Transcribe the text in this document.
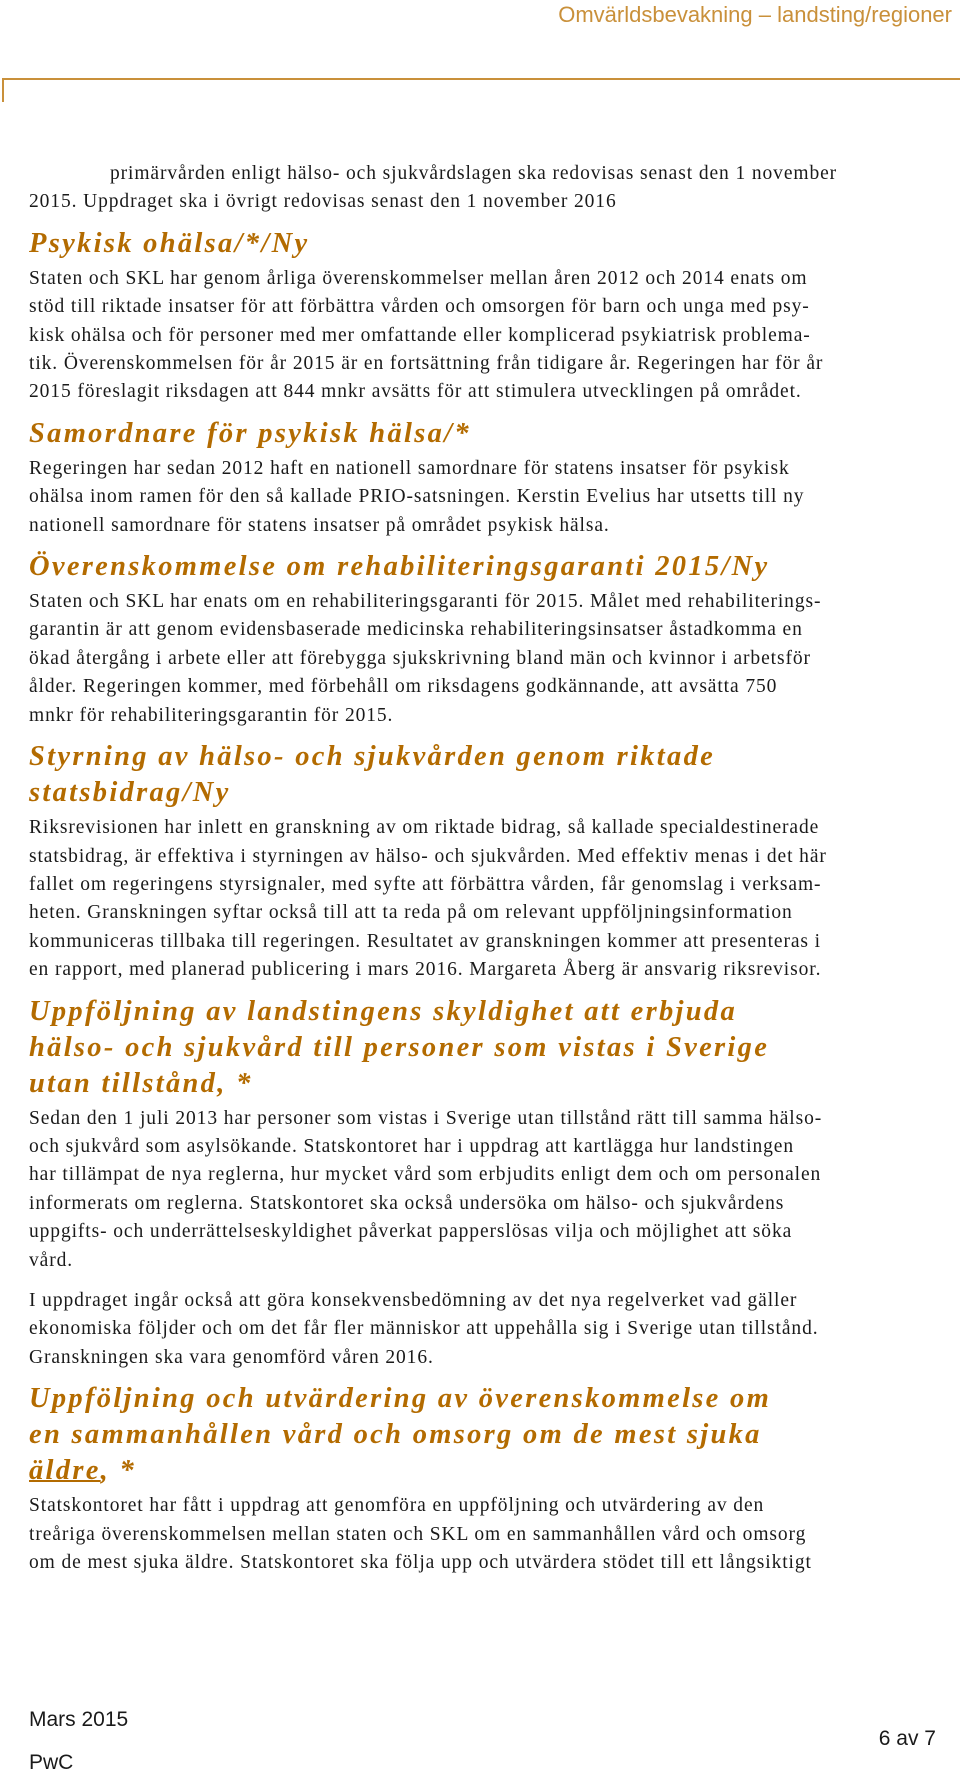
Omvärldsbevakning – landsting/regioner

primärvården enligt hälso- och sjukvårdslagen ska redovisas senast den 1 november

2015. Uppdraget ska i övrigt redovisas senast den 1 november 2016

Psykisk ohälsa/*/Ny

Staten och SKL har genom årliga överenskommelser mellan åren 2012 och 2014 enats om

stöd till riktade insatser för att förbättra vården och omsorgen för barn och unga med psy-

kisk ohälsa och för personer med mer omfattande eller komplicerad psykiatrisk problema-

tik. Överenskommelsen för år 2015 är en fortsättning från tidigare år. Regeringen har för år

2015 föreslagit riksdagen att 844 mnkr avsätts för att stimulera utvecklingen på området.

Samordnare för psykisk hälsa/*

Regeringen har sedan 2012 haft en nationell samordnare för statens insatser för psykisk

ohälsa inom ramen för den så kallade PRIO-satsningen. Kerstin Evelius har utsetts till ny

nationell samordnare för statens insatser på området psykisk hälsa.

Överenskommelse om rehabiliteringsgaranti 2015/Ny

Staten och SKL har enats om en rehabiliteringsgaranti för 2015. Målet med rehabiliterings-

garantin är att genom evidensbaserade medicinska rehabiliteringsinsatser åstadkomma en

ökad återgång i arbete eller att förebygga sjukskrivning bland män och kvinnor i arbetsför

ålder. Regeringen kommer, med förbehåll om riksdagens godkännande, att avsätta 750

mnkr för rehabiliteringsgarantin för 2015.

Styrning av hälso- och sjukvården genom riktade
statsbidrag/Ny

Riksrevisionen har inlett en granskning av om riktade bidrag, så kallade specialdestinerade

statsbidrag, är effektiva i styrningen av hälso- och sjukvården. Med effektiv menas i det här

fallet om regeringens styrsignaler, med syfte att förbättra vården, får genomslag i verksam-

heten. Granskningen syftar också till att ta reda på om relevant uppföljningsinformation

kommuniceras tillbaka till regeringen. Resultatet av granskningen kommer att presenteras i

en rapport, med planerad publicering i mars 2016. Margareta Åberg är ansvarig riksrevisor.

Uppföljning av landstingens skyldighet att erbjuda
hälso- och sjukvård till personer som vistas i Sverige
utan tillstånd, *

Sedan den 1 juli 2013 har personer som vistas i Sverige utan tillstånd rätt till samma hälso-

och sjukvård som asylsökande. Statskontoret har i uppdrag att kartlägga hur landstingen

har tillämpat de nya reglerna, hur mycket vård som erbjudits enligt dem och om personalen

informerats om reglerna. Statskontoret ska också undersöka om hälso- och sjukvårdens

uppgifts- och underrättelseskyldighet påverkat papperslösas vilja och möjlighet att söka

vård.

I uppdraget ingår också att göra konsekvensbedömning av det nya regelverket vad gäller

ekonomiska följder och om det får fler människor att uppehålla sig i Sverige utan tillstånd.

Granskningen ska vara genomförd våren 2016.

Uppföljning och utvärdering av överenskommelse om
en sammanhållen vård och omsorg om de mest sjuka
äldre, *

Statskontoret har fått i uppdrag att genomföra en uppföljning och utvärdering av den

treåriga överenskommelsen mellan staten och SKL om en sammanhållen vård och omsorg

om de mest sjuka äldre. Statskontoret ska följa upp och utvärdera stödet till ett långsiktigt

Mars 2015
6 av 7
PwC
